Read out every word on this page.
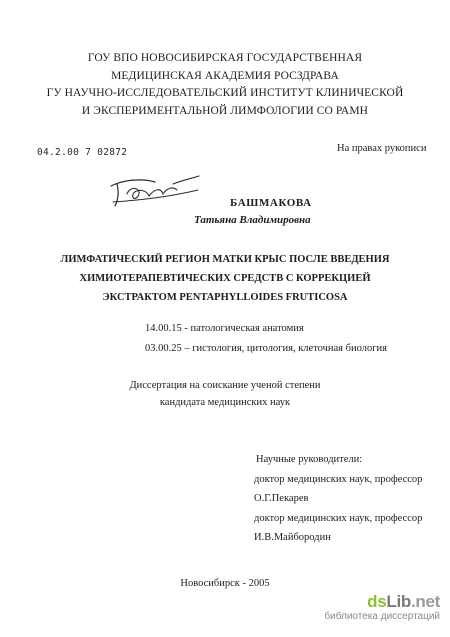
ГОУ ВПО НОВОСИБИРСКАЯ ГОСУДАРСТВЕННАЯ
МЕДИЦИНСКАЯ АКАДЕМИЯ РОСЗДРАВА
ГУ НАУЧНО-ИССЛЕДОВАТЕЛЬСКИЙ ИНСТИТУТ КЛИНИЧЕСКОЙ
И ЭКСПЕРИМЕНТАЛЬНОЙ ЛИМФОЛОГИИ СО РАМН
04.2.00 7 02872	На правах рукописи
БАШМАКОВА
Татьяна Владимировна
ЛИМФАТИЧЕСКИЙ РЕГИОН МАТКИ КРЫС ПОСЛЕ ВВЕДЕНИЯ
ХИМИОТЕРАПЕВТИЧЕСКИХ СРЕДСТВ С КОРРЕКЦИЕЙ
ЭКСТРАКТОМ PENTAPHYLLOIDES FRUTICOSA
14.00.15 - патологическая анатомия
03.00.25 – гистология, цитология, клеточная биология
Диссертация на соискание ученой степени
кандидата медицинских наук
Научные руководители:
доктор медицинских наук, профессор
О.Г.Пекарев
доктор медицинских наук, профессор
И.В.Майбородин
Новосибирск - 2005
dsLib.net
библиотека диссертаций
